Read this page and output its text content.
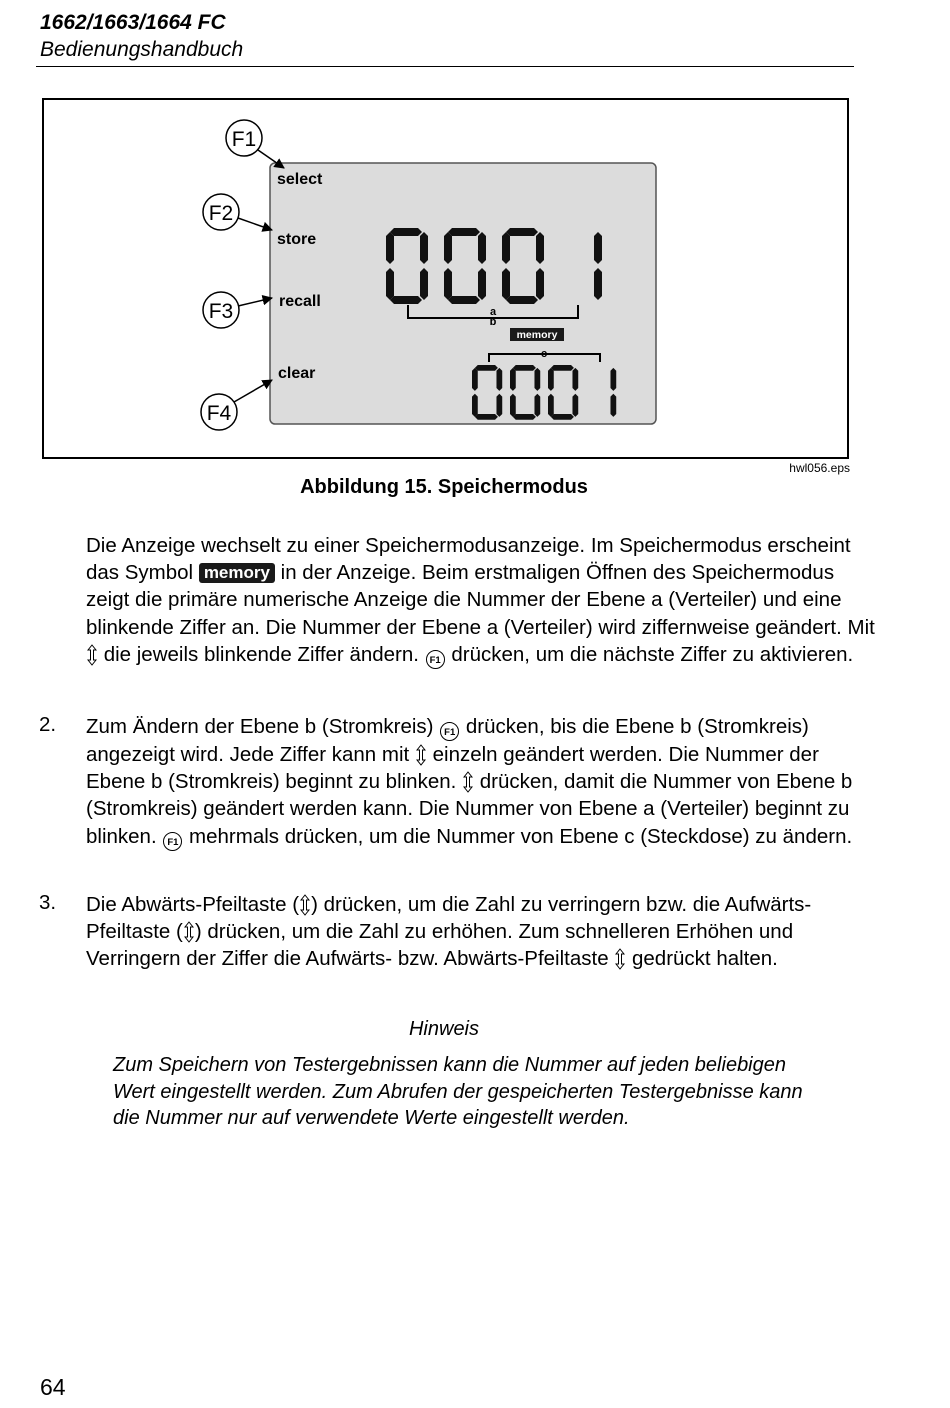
1662/1663/1664 FC
Bedienungshandbuch
F1
F2
F3
F4
select
store
recall
clear
a
b
memory
c
hwl056.eps
Abbildung 15. Speichermodus
Die Anzeige wechselt zu einer Speichermodusanzeige. Im Speichermodus erscheint das Symbol memory in der Anzeige. Beim erstmaligen Öffnen des Speichermodus zeigt die primäre numerische Anzeige die Nummer der Ebene a (Verteiler) und eine blinkende Ziffer an. Die Nummer der Ebene a (Verteiler) wird ziffernweise geändert. Mit  die jeweils blinkende Ziffer ändern. F1 drücken, um die nächste Ziffer zu aktivieren.
2. Zum Ändern der Ebene b (Stromkreis) F1 drücken, bis die Ebene b (Stromkreis) angezeigt wird. Jede Ziffer kann mit  einzeln geändert werden. Die Nummer der Ebene b (Stromkreis) beginnt zu blinken.  drücken, damit die Nummer von Ebene b (Stromkreis) geändert werden kann. Die Nummer von Ebene a (Verteiler) beginnt zu blinken. F1 mehrmals drücken, um die Nummer von Ebene c (Steckdose) zu ändern.
3. Die Abwärts-Pfeiltaste ( ) drücken, um die Zahl zu verringern bzw. die Aufwärts-Pfeiltaste ( ) drücken, um die Zahl zu erhöhen. Zum schnelleren Erhöhen und Verringern der Ziffer die Aufwärts- bzw. Abwärts-Pfeiltaste  gedrückt halten.
Hinweis
Zum Speichern von Testergebnissen kann die Nummer auf jeden beliebigen Wert eingestellt werden. Zum Abrufen der gespeicherten Testergebnisse kann die Nummer nur auf verwendete Werte eingestellt werden.
64
